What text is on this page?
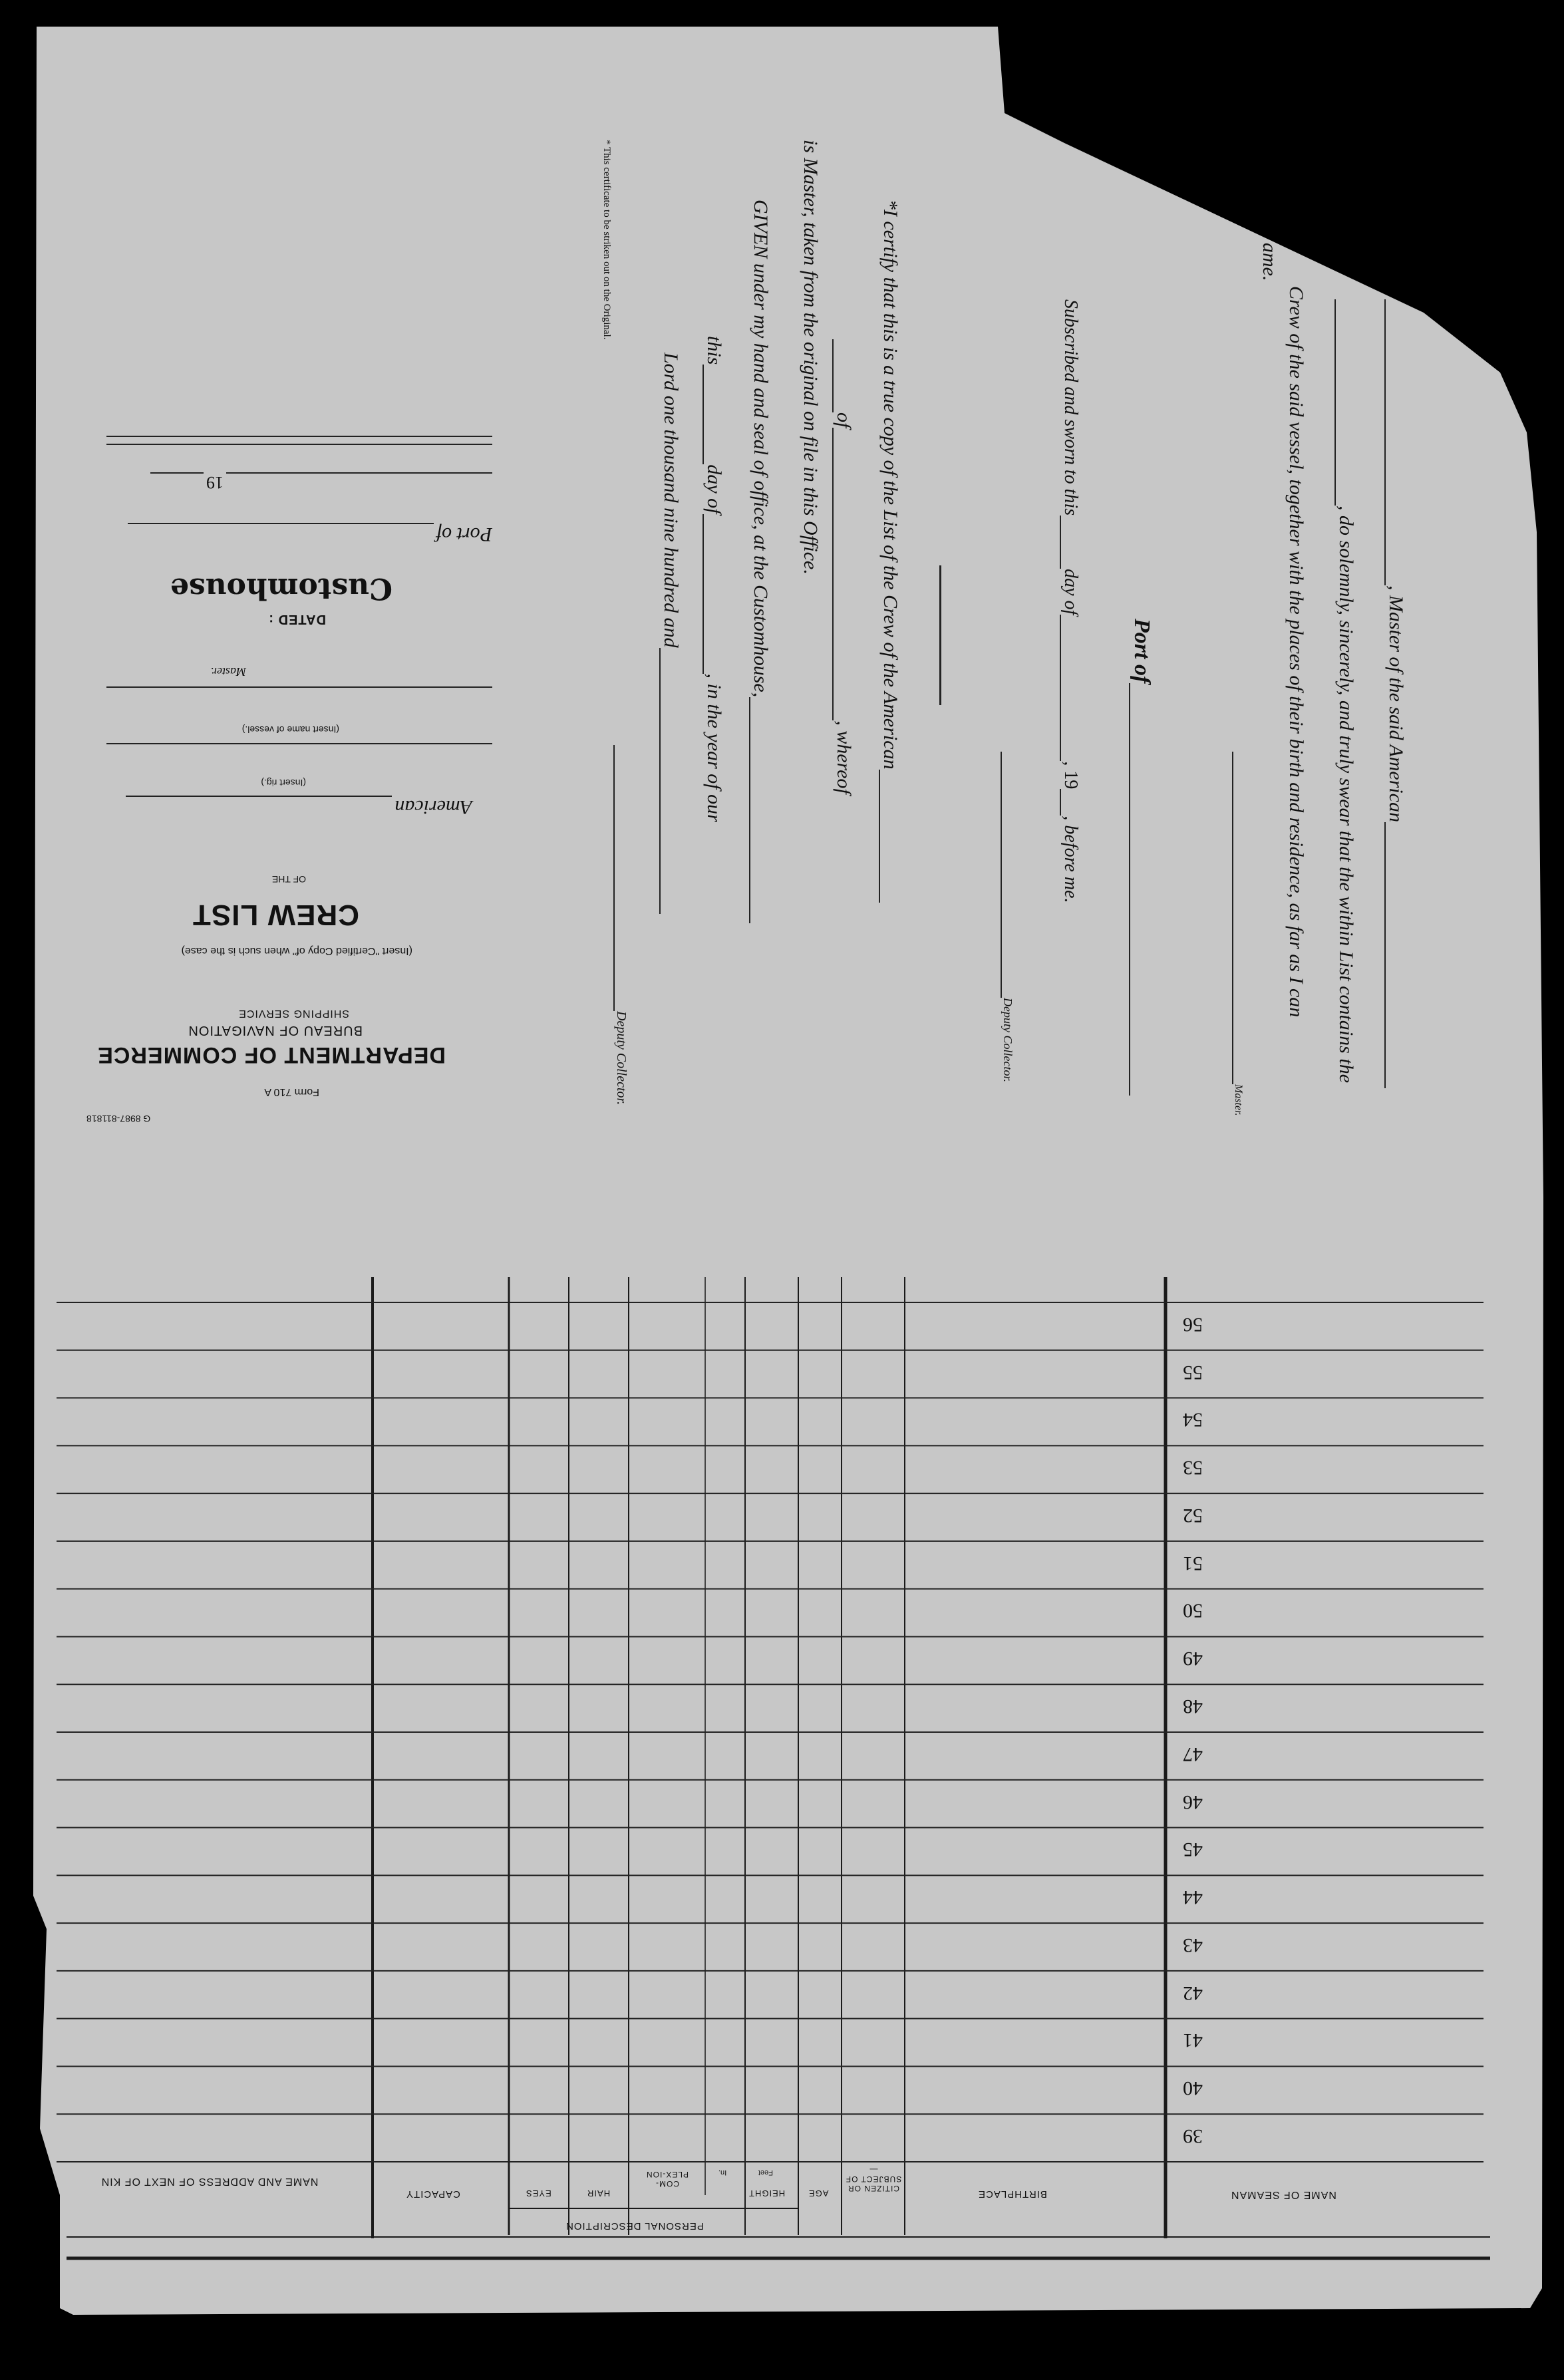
G 8987-811818
Form 710 A
DEPARTMENT OF COMMERCE
BUREAU OF NAVIGATION
SHIPPING SERVICE
(Insert "Certified Copy of" when such is the case)
CREW LIST
OF THE
American
(Insert rig.)
(Insert name of vessel.)
Master.
DATED :
Customhouse
Port of
19
, Master of the said American
, do solemnly, sincerely, and truly swear that the within List contains the
Crew of the said vessel, together with the places of their birth and residence, as far as I can
ame.
Master.
Port of
Subscribed and sworn to thisday of, 19, before me.
Deputy Collector.
*I certify that this is a true copy of the List of the Crew of the American
of, whereof
is Master, taken from the original on file in this Office.
GIVEN under my hand and seal of office, at the Customhouse,
thisday of, in the year of our
Lord one thousand nine hundred and
Deputy Collector.
* This certificate to be striken out on the Original.
NAME OF SEAMAN
BIRTHPLACE
CITIZEN OR SUBJECT OF—
AGE
HEIGHT
Feet
In.
COM-PLEX-ION
HAIR
EYES
PERSONAL DESCRIPTION
CAPACITY
NAME AND ADDRESS OF NEXT OF KIN
39
40
41
42
43
44
45
46
47
48
49
50
51
52
53
54
55
56
